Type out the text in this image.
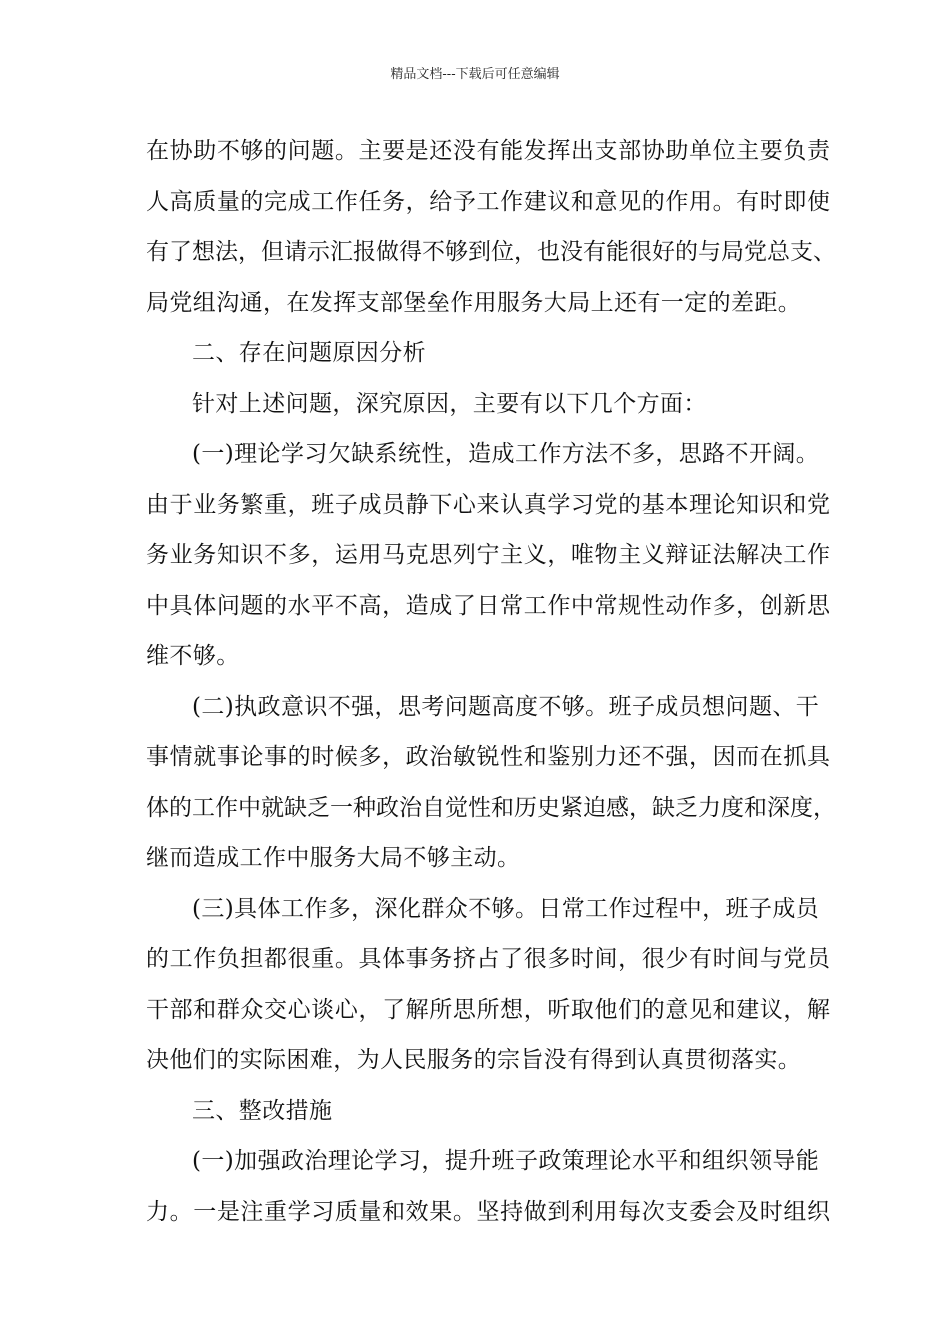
精品文档---下载后可任意编辑
在协助不够的问题。主要是还没有能发挥出支部协助单位主要负责
人高质量的完成工作任务，给予工作建议和意见的作用。有时即使
有了想法，但请示汇报做得不够到位，也没有能很好的与局党总支、
局党组沟通，在发挥支部堡垒作用服务大局上还有一定的差距。
二、存在问题原因分析
针对上述问题，深究原因，主要有以下几个方面：
(一)理论学习欠缺系统性，造成工作方法不多，思路不开阔。
由于业务繁重，班子成员静下心来认真学习党的基本理论知识和党
务业务知识不多，运用马克思列宁主义，唯物主义辩证法解决工作
中具体问题的水平不高，造成了日常工作中常规性动作多，创新思
维不够。
(二)执政意识不强，思考问题高度不够。班子成员想问题、干
事情就事论事的时候多，政治敏锐性和鉴别力还不强，因而在抓具
体的工作中就缺乏一种政治自觉性和历史紧迫感，缺乏力度和深度，
继而造成工作中服务大局不够主动。
(三)具体工作多，深化群众不够。日常工作过程中，班子成员
的工作负担都很重。具体事务挤占了很多时间，很少有时间与党员
干部和群众交心谈心，了解所思所想，听取他们的意见和建议，解
决他们的实际困难，为人民服务的宗旨没有得到认真贯彻落实。
三、整改措施
(一)加强政治理论学习，提升班子政策理论水平和组织领导能
力。一是注重学习质量和效果。坚持做到利用每次支委会及时组织
